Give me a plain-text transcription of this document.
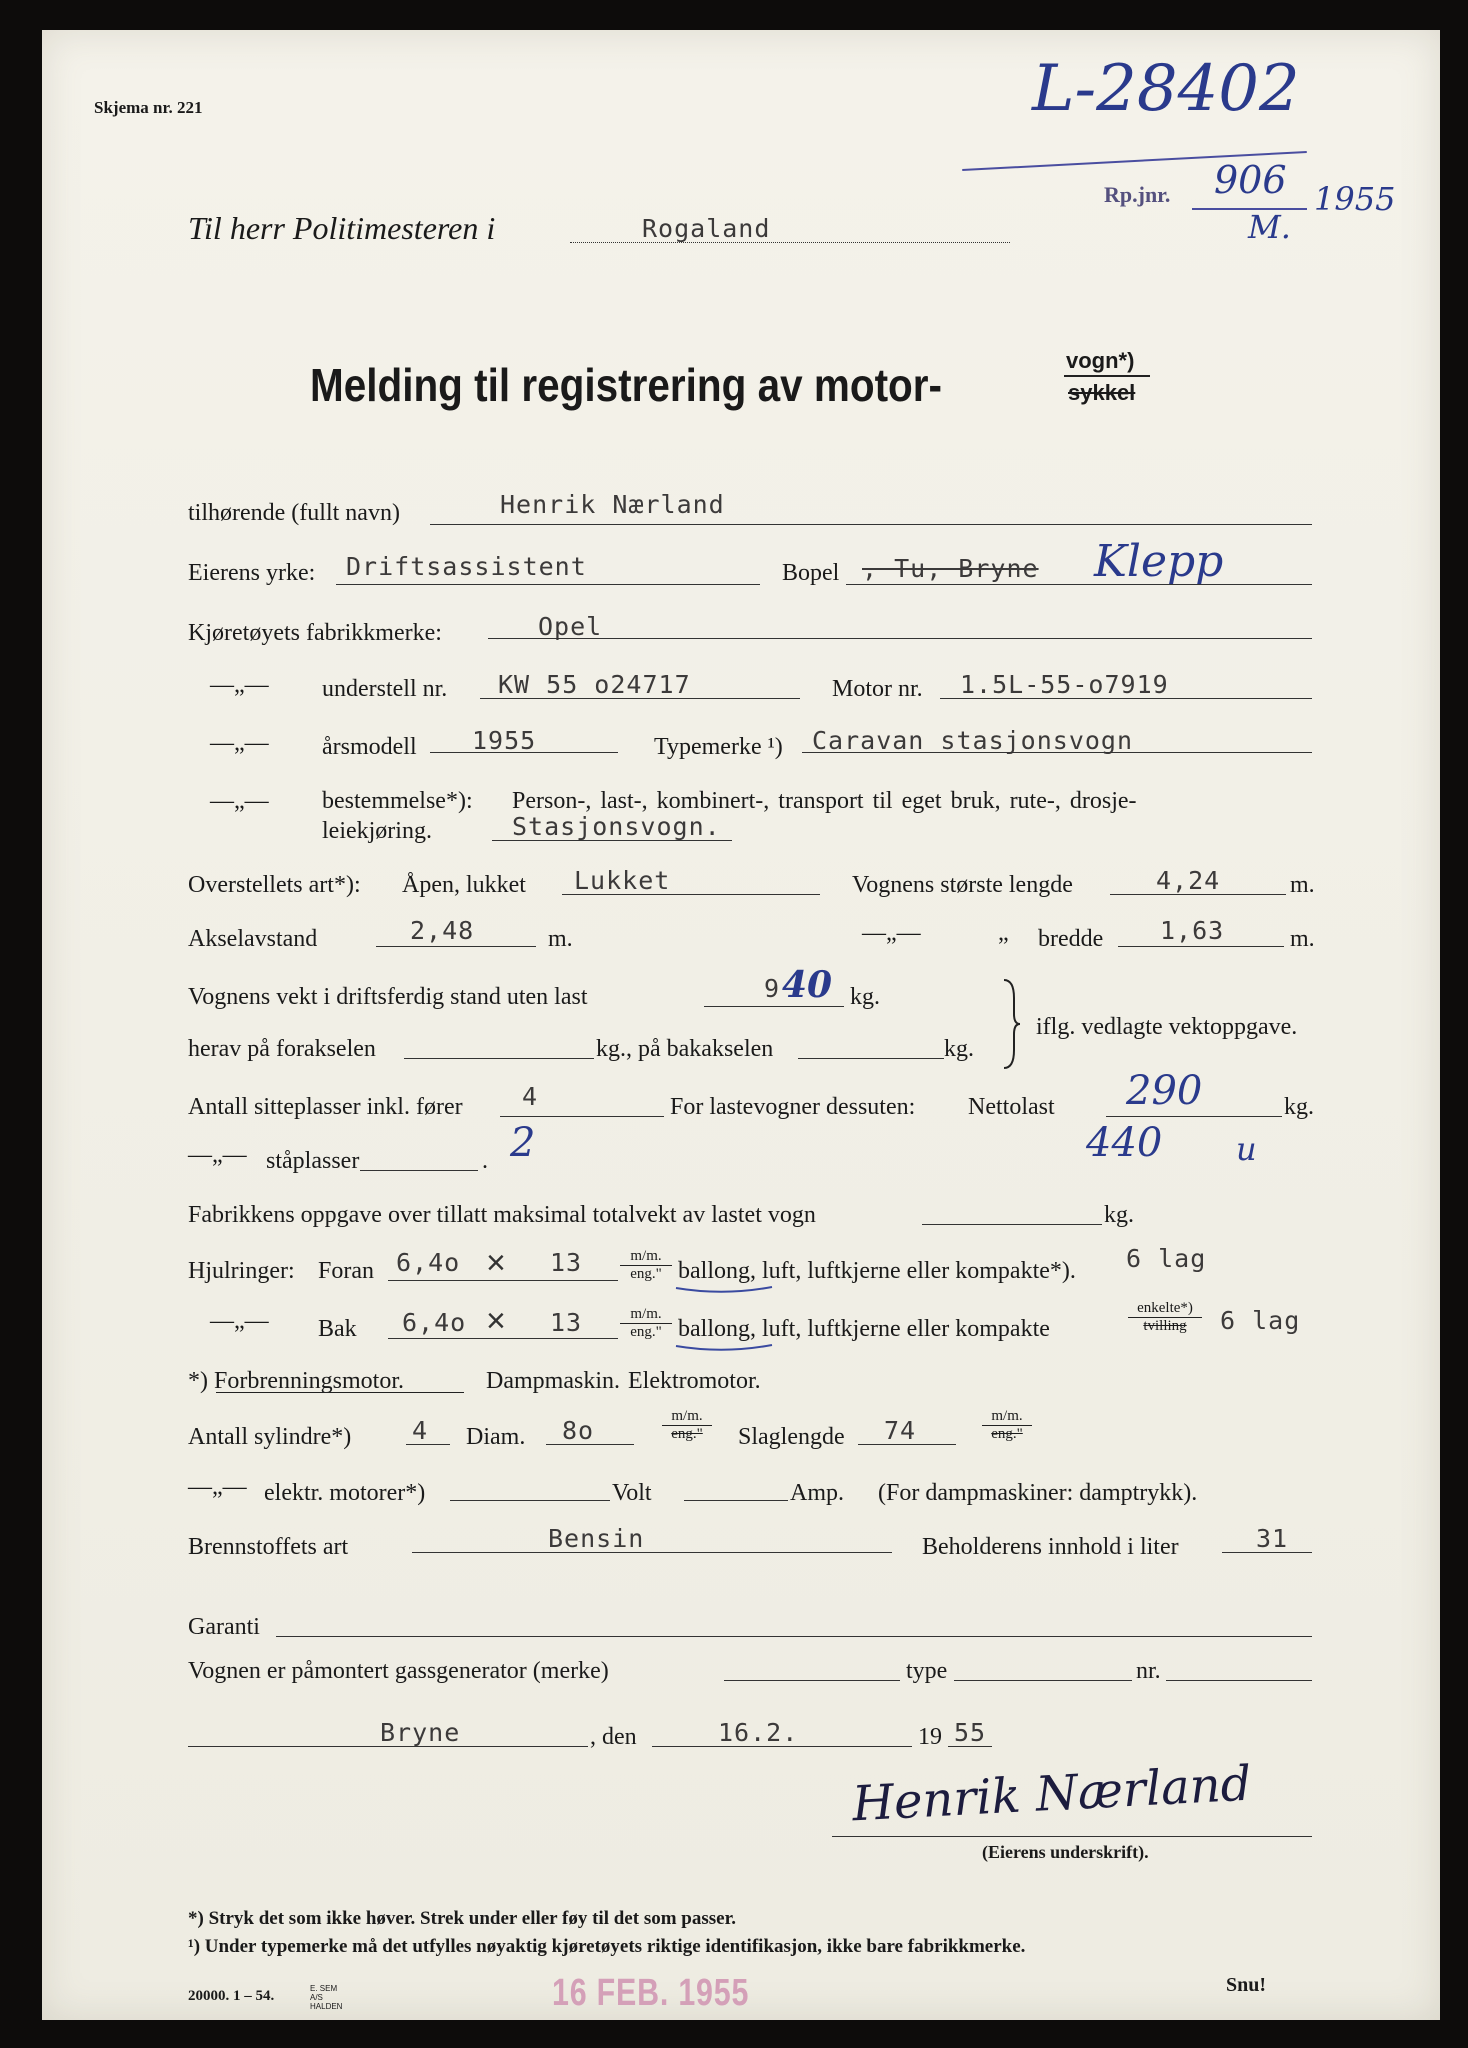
Skjema nr. 221	L-28402
Rp.jnr. 906 1955
M.
Til herr Politimesteren i	Rogaland
Melding til registrering av motor-	vogn*)
sykkel
tilhørende (fullt navn)	Henrik Nærland
Eierens yrke: Driftsassistent	Bopel , Tu, Bryne Klepp
Kjøretøyets fabrikkmerke:	Opel
—„— understell nr. KW 55 o24717	Motor nr. 1.5L-55-o7919
—„— årsmodell 1955	Typemerke ¹) Caravan stasjonsvogn
—„— bestemmelse*): Person-, last-, kombinert-, transport til eget bruk, rute-, drosje-
leiekjøring.	Stasjonsvogn.
Overstellets art*): Åpen, lukket Lukket	Vognens største lengde	4,24	m.
Akselavstand	2,48	m.	—„—	„ bredde 1,63	m.
Vognens vekt i driftsferdig stand uten last	9 40 kg.
iflg. vedlagte vektoppgave.
herav på forakselen	kg., på bakakselen	kg.
Antall sitteplasser inkl. fører 4	For lastevogner dessuten: Nettolast 290	kg.
—„— ståplasser	. 2	440 u
Fabrikkens oppgave over tillatt maksimal totalvekt av lastet vogn	kg.
Hjulringer: Foran 6,4o × 13	m/m.
eng." ballong, luft, luftkjerne eller kompakte*). 6 lag
—„— Bak 6,4o × 13	m/m.
eng." ballong, luft, luftkjerne eller kompakte
enkelte*)
tvilling	6 lag
*) Forbrenningsmotor.	Dampmaskin. Elektromotor.
Antall sylindre*) 4 Diam. 8o	m/m.
eng."	Slaglengde 74	m/m.
eng."
—„— elektr. motorer*)	Volt	Amp. (For dampmaskiner: damptrykk).
Brennstoffets art	Bensin	Beholderens innhold i liter	31
Garanti
Vognen er påmontert gassgenerator (merke)	type	nr.
Bryne	, den	16.2.	19 55
Henrik Nærland
(Eierens underskrift).
*) Stryk det som ikke høver. Strek under eller føy til det som passer.
¹) Under typemerke må det utfylles nøyaktig kjøretøyets riktige identifikasjon, ikke bare fabrikkmerke.
20000. 1 – 54.	E. SEM A/S HALDEN	16 FEB. 1955	Snu!
